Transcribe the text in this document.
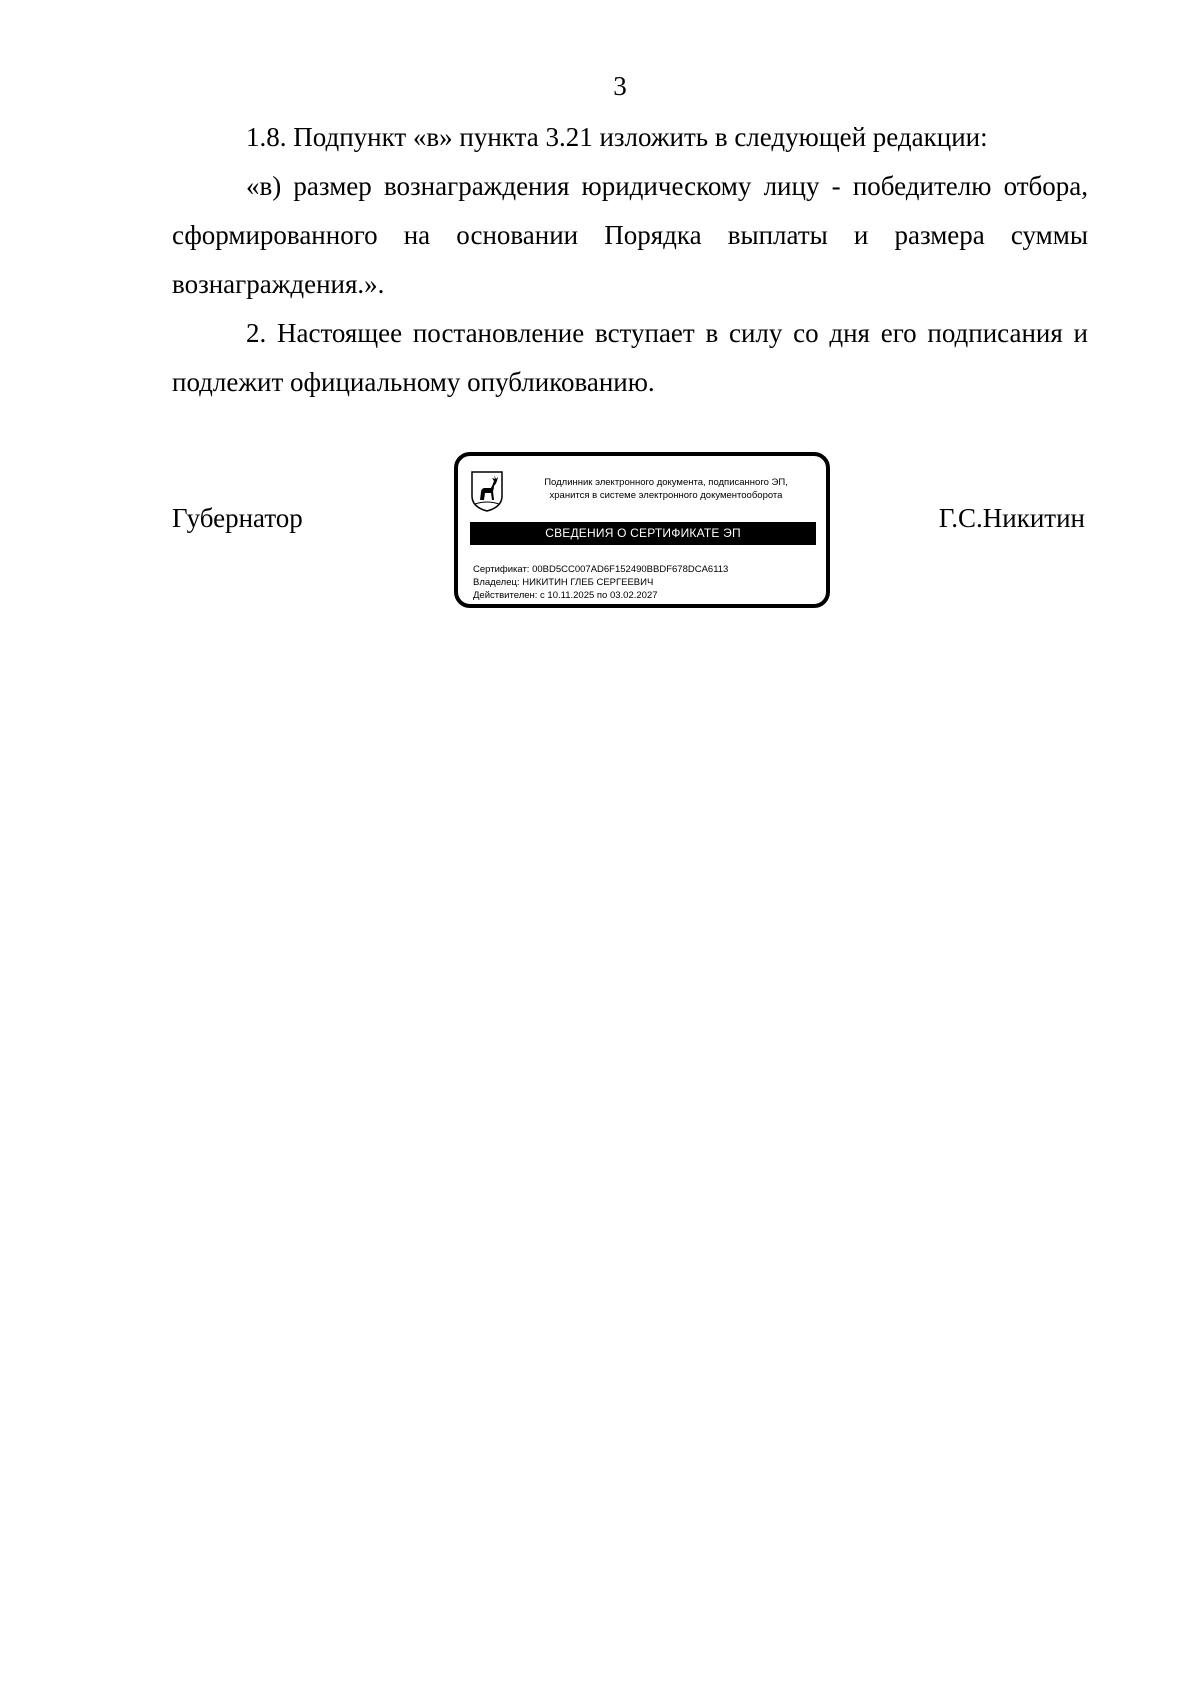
3

1.8. Подпункт «в» пункта 3.21 изложить в следующей редакции:

«в) размер вознаграждения юридическому лицу - победителю отбора, сформированного на основании Порядка выплаты и размера суммы вознаграждения.».

2. Настоящее постановление вступает в силу со дня его подписания и подлежит официальному опубликованию.

Губернатор
Подлинник электронного документа, подписанного ЭП,
хранится в системе электронного документооборота
СВЕДЕНИЯ О СЕРТИФИКАТЕ ЭП
Сертификат: 00BD5CC007AD6F152490BBDF678DCA6113
Владелец: НИКИТИН ГЛЕБ СЕРГЕЕВИЧ
Действителен: с 10.11.2025 по 03.02.2027
Г.С.Никитин
